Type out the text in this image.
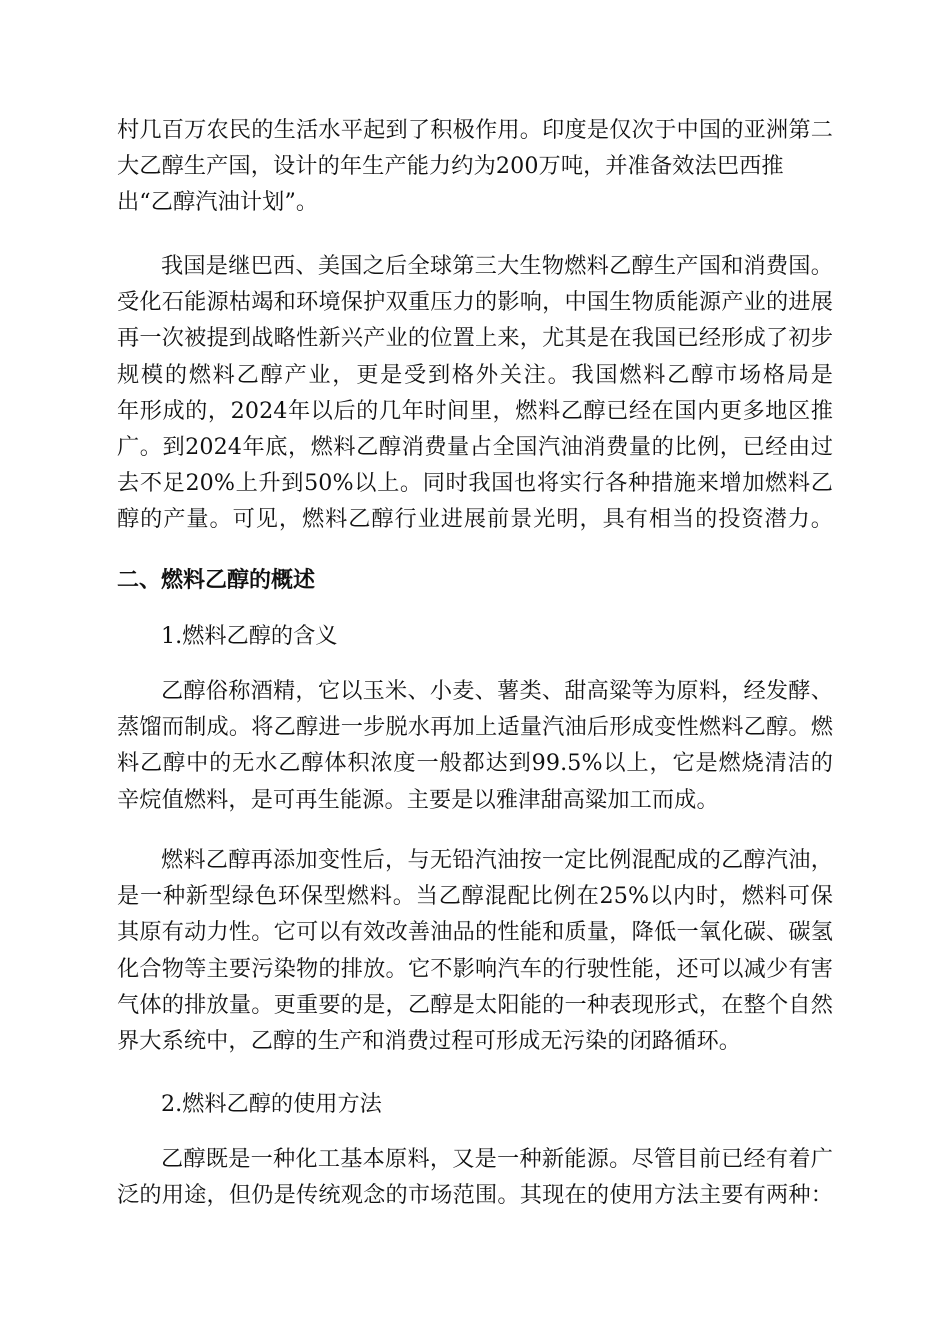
村几百万农民的生活水平起到了积极作用。印度是仅次于中国的亚洲第二
大乙醇生产国，设计的年生产能力约为200万吨，并准备效法巴西推
出“乙醇汽油计划”。
我国是继巴西、美国之后全球第三大生物燃料乙醇生产国和消费国。
受化石能源枯竭和环境保护双重压力的影响，中国生物质能源产业的进展
再一次被提到战略性新兴产业的位置上来，尤其是在我国已经形成了初步
规模的燃料乙醇产业，更是受到格外关注。我国燃料乙醇市场格局是
年形成的，2024年以后的几年时间里，燃料乙醇已经在国内更多地区推
广。到2024年底，燃料乙醇消费量占全国汽油消费量的比例，已经由过
去不足20%上升到50%以上。同时我国也将实行各种措施来增加燃料乙
醇的产量。可见，燃料乙醇行业进展前景光明，具有相当的投资潜力。
二、燃料乙醇的概述
1.燃料乙醇的含义
乙醇俗称酒精，它以玉米、小麦、薯类、甜高粱等为原料，经发酵、
蒸馏而制成。将乙醇进一步脱水再加上适量汽油后形成变性燃料乙醇。燃
料乙醇中的无水乙醇体积浓度一般都达到99.5%以上，它是燃烧清洁的
辛烷值燃料，是可再生能源。主要是以雅津甜高粱加工而成。
燃料乙醇再添加变性后，与无铅汽油按一定比例混配成的乙醇汽油，
是一种新型绿色环保型燃料。当乙醇混配比例在25%以内时，燃料可保
其原有动力性。它可以有效改善油品的性能和质量，降低一氧化碳、碳氢
化合物等主要污染物的排放。它不影响汽车的行驶性能，还可以减少有害
气体的排放量。更重要的是，乙醇是太阳能的一种表现形式，在整个自然
界大系统中，乙醇的生产和消费过程可形成无污染的闭路循环。
2.燃料乙醇的使用方法
乙醇既是一种化工基本原料，又是一种新能源。尽管目前已经有着广
泛的用途，但仍是传统观念的市场范围。其现在的使用方法主要有两种：
